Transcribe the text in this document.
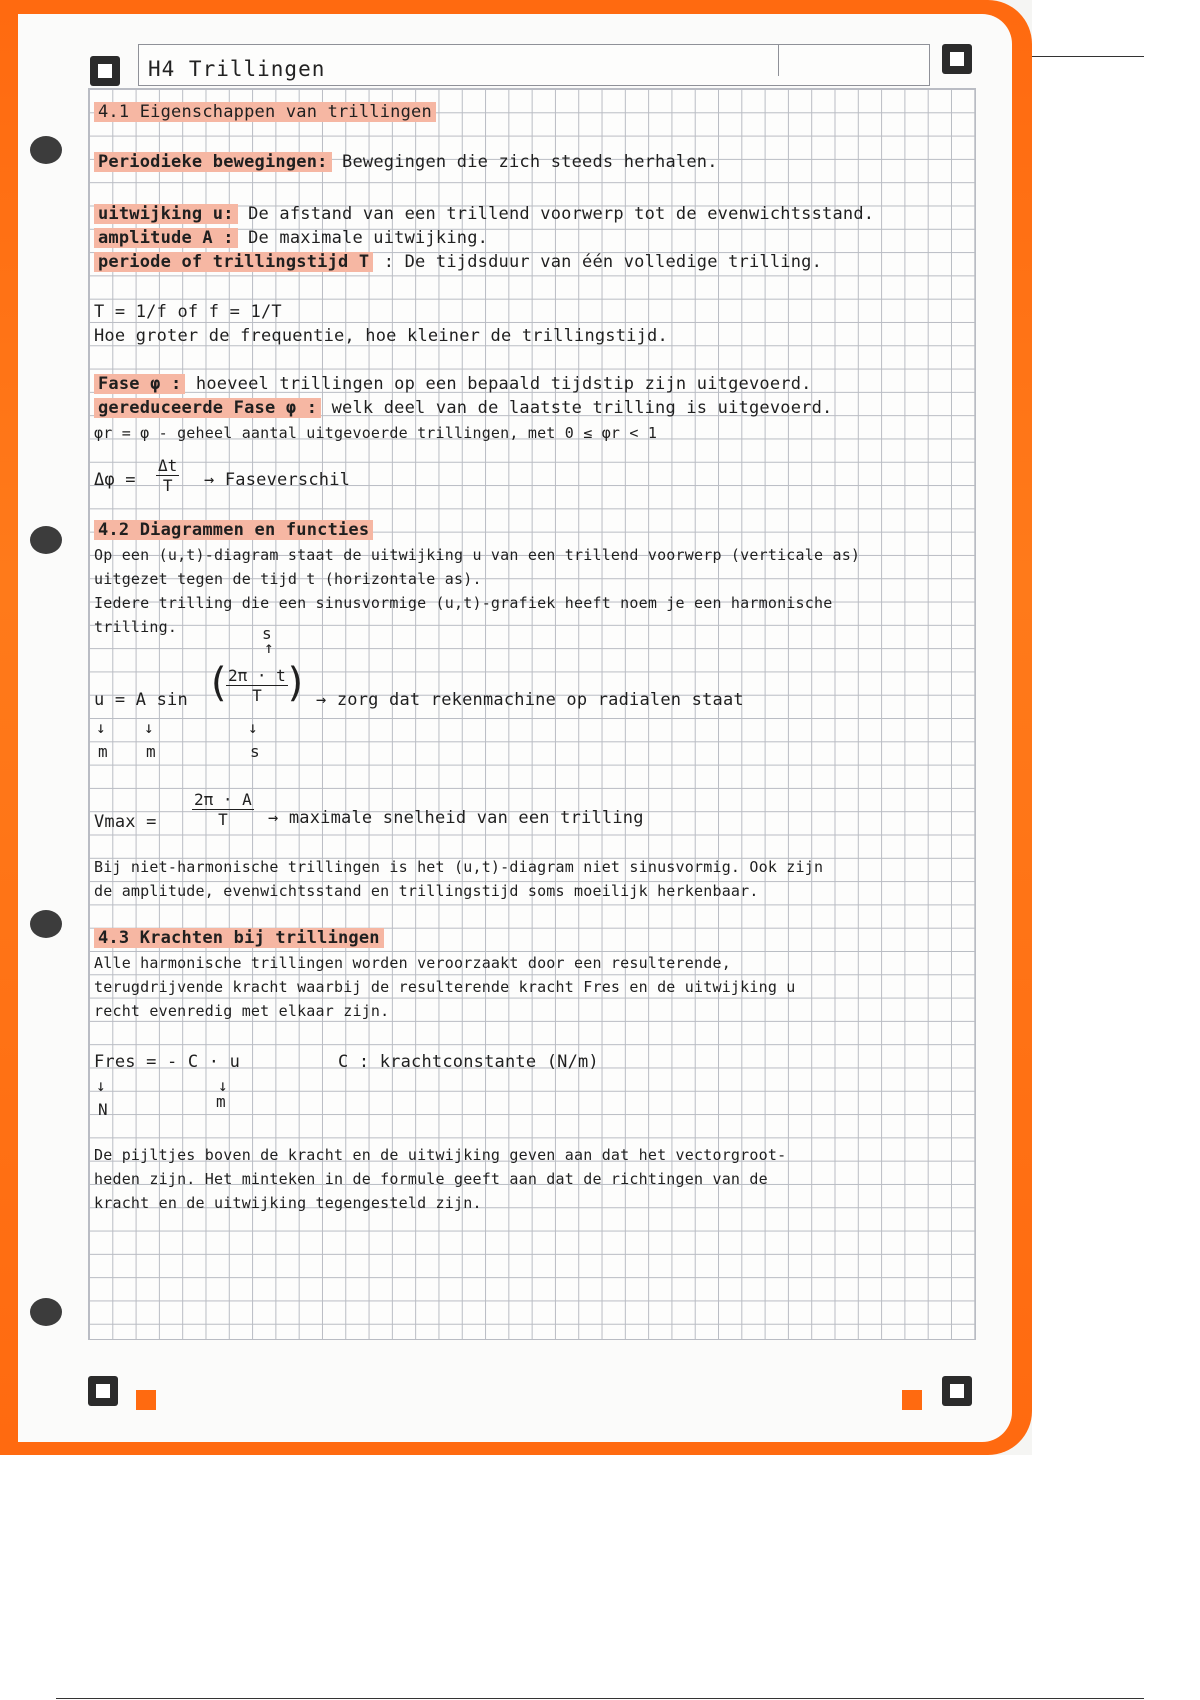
H4 Trillingen
4.1 Eigenschappen van trillingen
Periodieke bewegingen: Bewegingen die zich steeds herhalen.
uitwijking u: De afstand van een trillend voorwerp tot de evenwichtsstand.
amplitude A : De maximale uitwijking.
periode of trillingstijd T : De tijdsduur van één volledige trilling.
T = 1/f of f = 1/T
Hoe groter de frequentie, hoe kleiner de trillingstijd.
Fase φ : hoeveel trillingen op een bepaald tijdstip zijn uitgevoerd.
gereduceerde Fase φ : welk deel van de laatste trilling is uitgevoerd.
φr = φ - geheel aantal uitgevoerde trillingen, met 0 ≤ φr < 1
$\Delta\varphi = \frac{\Delta t}{T}$ → Faseverschil
4.2 Diagrammen en functies
Op een (u,t)-diagram staat de uitwijking u van een trillend voorwerp (verticale as)
uitgezet tegen de tijd t (horizontale as).
Iedere trilling die een sinusvormige (u,t)-grafiek heeft noem je een harmonische
trilling.	s
↑
u = A sin (
$\frac{2\pi \cdot t}{T}$
) → zorg dat rekenmachine op radialen staat
↓ ↓	↓
m m	s
$Vmax = \frac{2\pi \cdot A}{T}$ → maximale snelheid van een trilling
Bij niet-harmonische trillingen is het (u,t)-diagram niet sinusvormig. Ook zijn
de amplitude, evenwichtsstand en trillingstijd soms moeilijk herkenbaar.
4.3 Krachten bij trillingen
Alle harmonische trillingen worden veroorzaakt door een resulterende,
terugdrijvende kracht waarbij de resulterende kracht Fres en de uitwijking u
recht evenredig met elkaar zijn.
Fres = - C · u
↓	↓
N	m
C : krachtconstante (N/m)
De pijltjes boven de kracht en de uitwijking geven aan dat het vectorgroot-
heden zijn. Het minteken in de formule geeft aan dat de richtingen van de
kracht en de uitwijking tegengesteld zijn.
